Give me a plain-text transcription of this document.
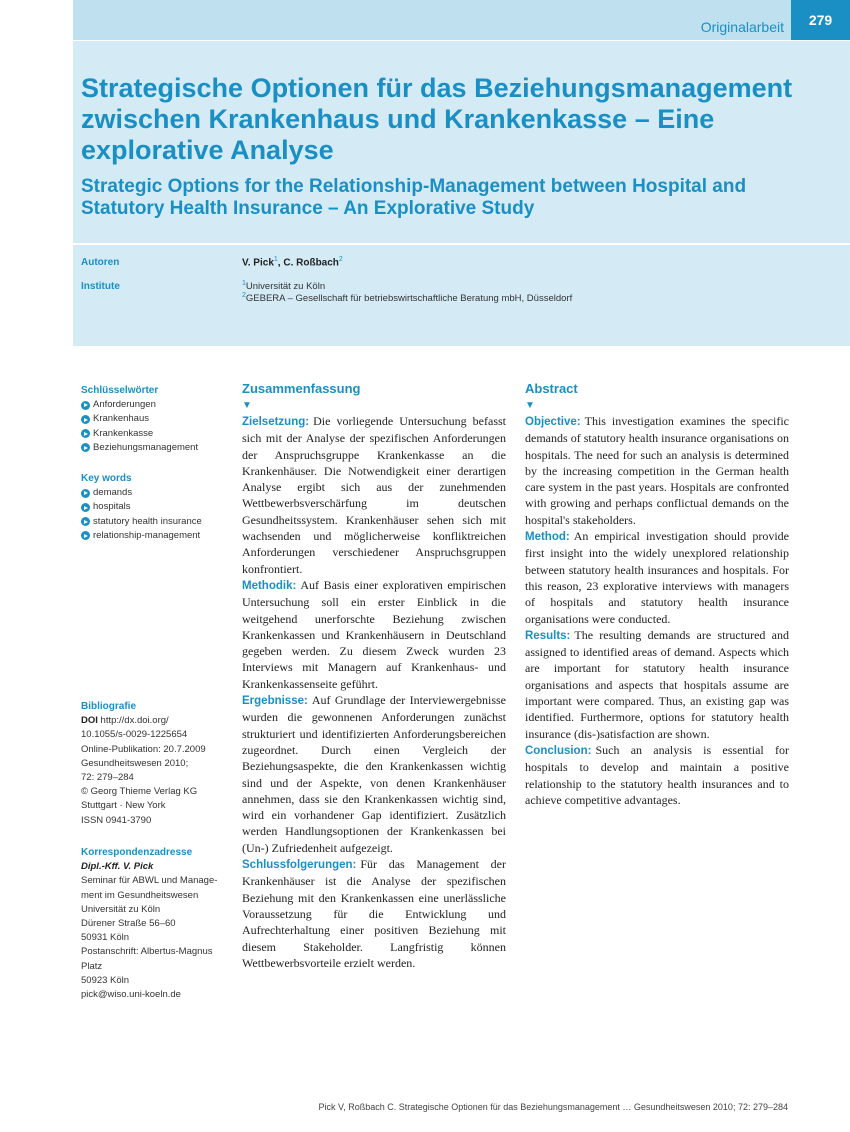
Originalarbeit	279
Strategische Optionen für das Beziehungsmanagement zwischen Krankenhaus und Krankenkasse – Eine explorative Analyse
Strategic Options for the Relationship-Management between Hospital and Statutory Health Insurance – An Explorative Study
Autoren	V. Pick$^1$, C. Roßbach$^2$
Institute	$^1$Universität zu Köln
$^2$GEBERA – Gesellschaft für betriebswirtschaftliche Beratung mbH, Düsseldorf
Schlüsselwörter
Anforderungen
Krankenhaus
Krankenkasse
Beziehungsmanagement
Key words
demands
hospitals
statutory health insurance
relationship-management
Bibliografie
DOI http://dx.doi.org/
10.1055/s-0029-1225654
Online-Publikation: 20.7.2009
Gesundheitswesen 2010;
72: 279–284
© Georg Thieme Verlag KG
Stuttgart · New York
ISSN 0941-3790
Korrespondenzadresse
Dipl.-Kff. V. Pick
Seminar für ABWL und Manage-
ment im Gesundheitswesen
Universität zu Köln
Dürener Straße 56–60
50931 Köln
Postanschrift: Albertus-Magnus
Platz
50923 Köln
pick@wiso.uni-koeln.de
Zusammenfassung
▼

Zielsetzung: Die vorliegende Untersuchung befasst sich mit der Analyse der spezifischen Anforderungen der Anspruchsgruppe Krankenkasse an die Krankenhäuser. Die Notwendigkeit einer derartigen Analyse ergibt sich aus der zunehmenden Wettbewerbsverschärfung im deutschen Gesundheitssystem. Krankenhäuser sehen sich mit wachsenden und möglicherweise konfliktreichen Anforderungen verschiedener Anspruchsgruppen konfrontiert.

Methodik: Auf Basis einer explorativen empirischen Untersuchung soll ein erster Einblick in die weitgehend unerforschte Beziehung zwischen Krankenkassen und Krankenhäusern in Deutschland gegeben werden. Zu diesem Zweck wurden 23 Interviews mit Managern auf Krankenhaus- und Krankenkassenseite geführt.

Ergebnisse: Auf Grundlage der Interviewergebnisse wurden die gewonnenen Anforderungen zunächst strukturiert und identifizierten Anforderungsbereichen zugeordnet. Durch einen Vergleich der Beziehungsaspekte, die den Krankenkassen wichtig sind und der Aspekte, von denen Krankenhäuser annehmen, dass sie den Krankenkassen wichtig sind, wird ein vorhandener Gap identifiziert. Zusätzlich werden Handlungsoptionen der Krankenkassen bei (Un-) Zufriedenheit aufgezeigt.

Schlussfolgerungen: Für das Management der Krankenhäuser ist die Analyse der spezifischen Beziehung mit den Krankenkassen eine unerlässliche Voraussetzung für die Entwicklung und Aufrechterhaltung einer positiven Beziehung mit diesem Stakeholder. Langfristig können Wettbewerbsvorteile erzielt werden.

Abstract
▼

Objective: This investigation examines the specific demands of statutory health insurance organisations on hospitals. The need for such an analysis is determined by the increasing competition in the German health care system in the past years. Hospitals are confronted with growing and perhaps conflictual demands on the hospital's stakeholders.

Method: An empirical investigation should provide first insight into the widely unexplored relationship between statutory health insurances and hospitals. For this reason, 23 explorative interviews with managers of hospitals and statutory health insurance organisations were conducted.

Results: The resulting demands are structured and assigned to identified areas of demand. Aspects which are important for statutory health insurance organisations and aspects that hospitals assume are important were compared. Thus, an existing gap was identified. Furthermore, options for statutory health insurance (dis-)satisfaction are shown.

Conclusion: Such an analysis is essential for hospitals to develop and maintain a positive relationship to the statutory health insurances and to achieve competitive advantages.

Pick V, Roßbach C. Strategische Optionen für das Beziehungsmanagement … Gesundheitswesen 2010; 72: 279–284
